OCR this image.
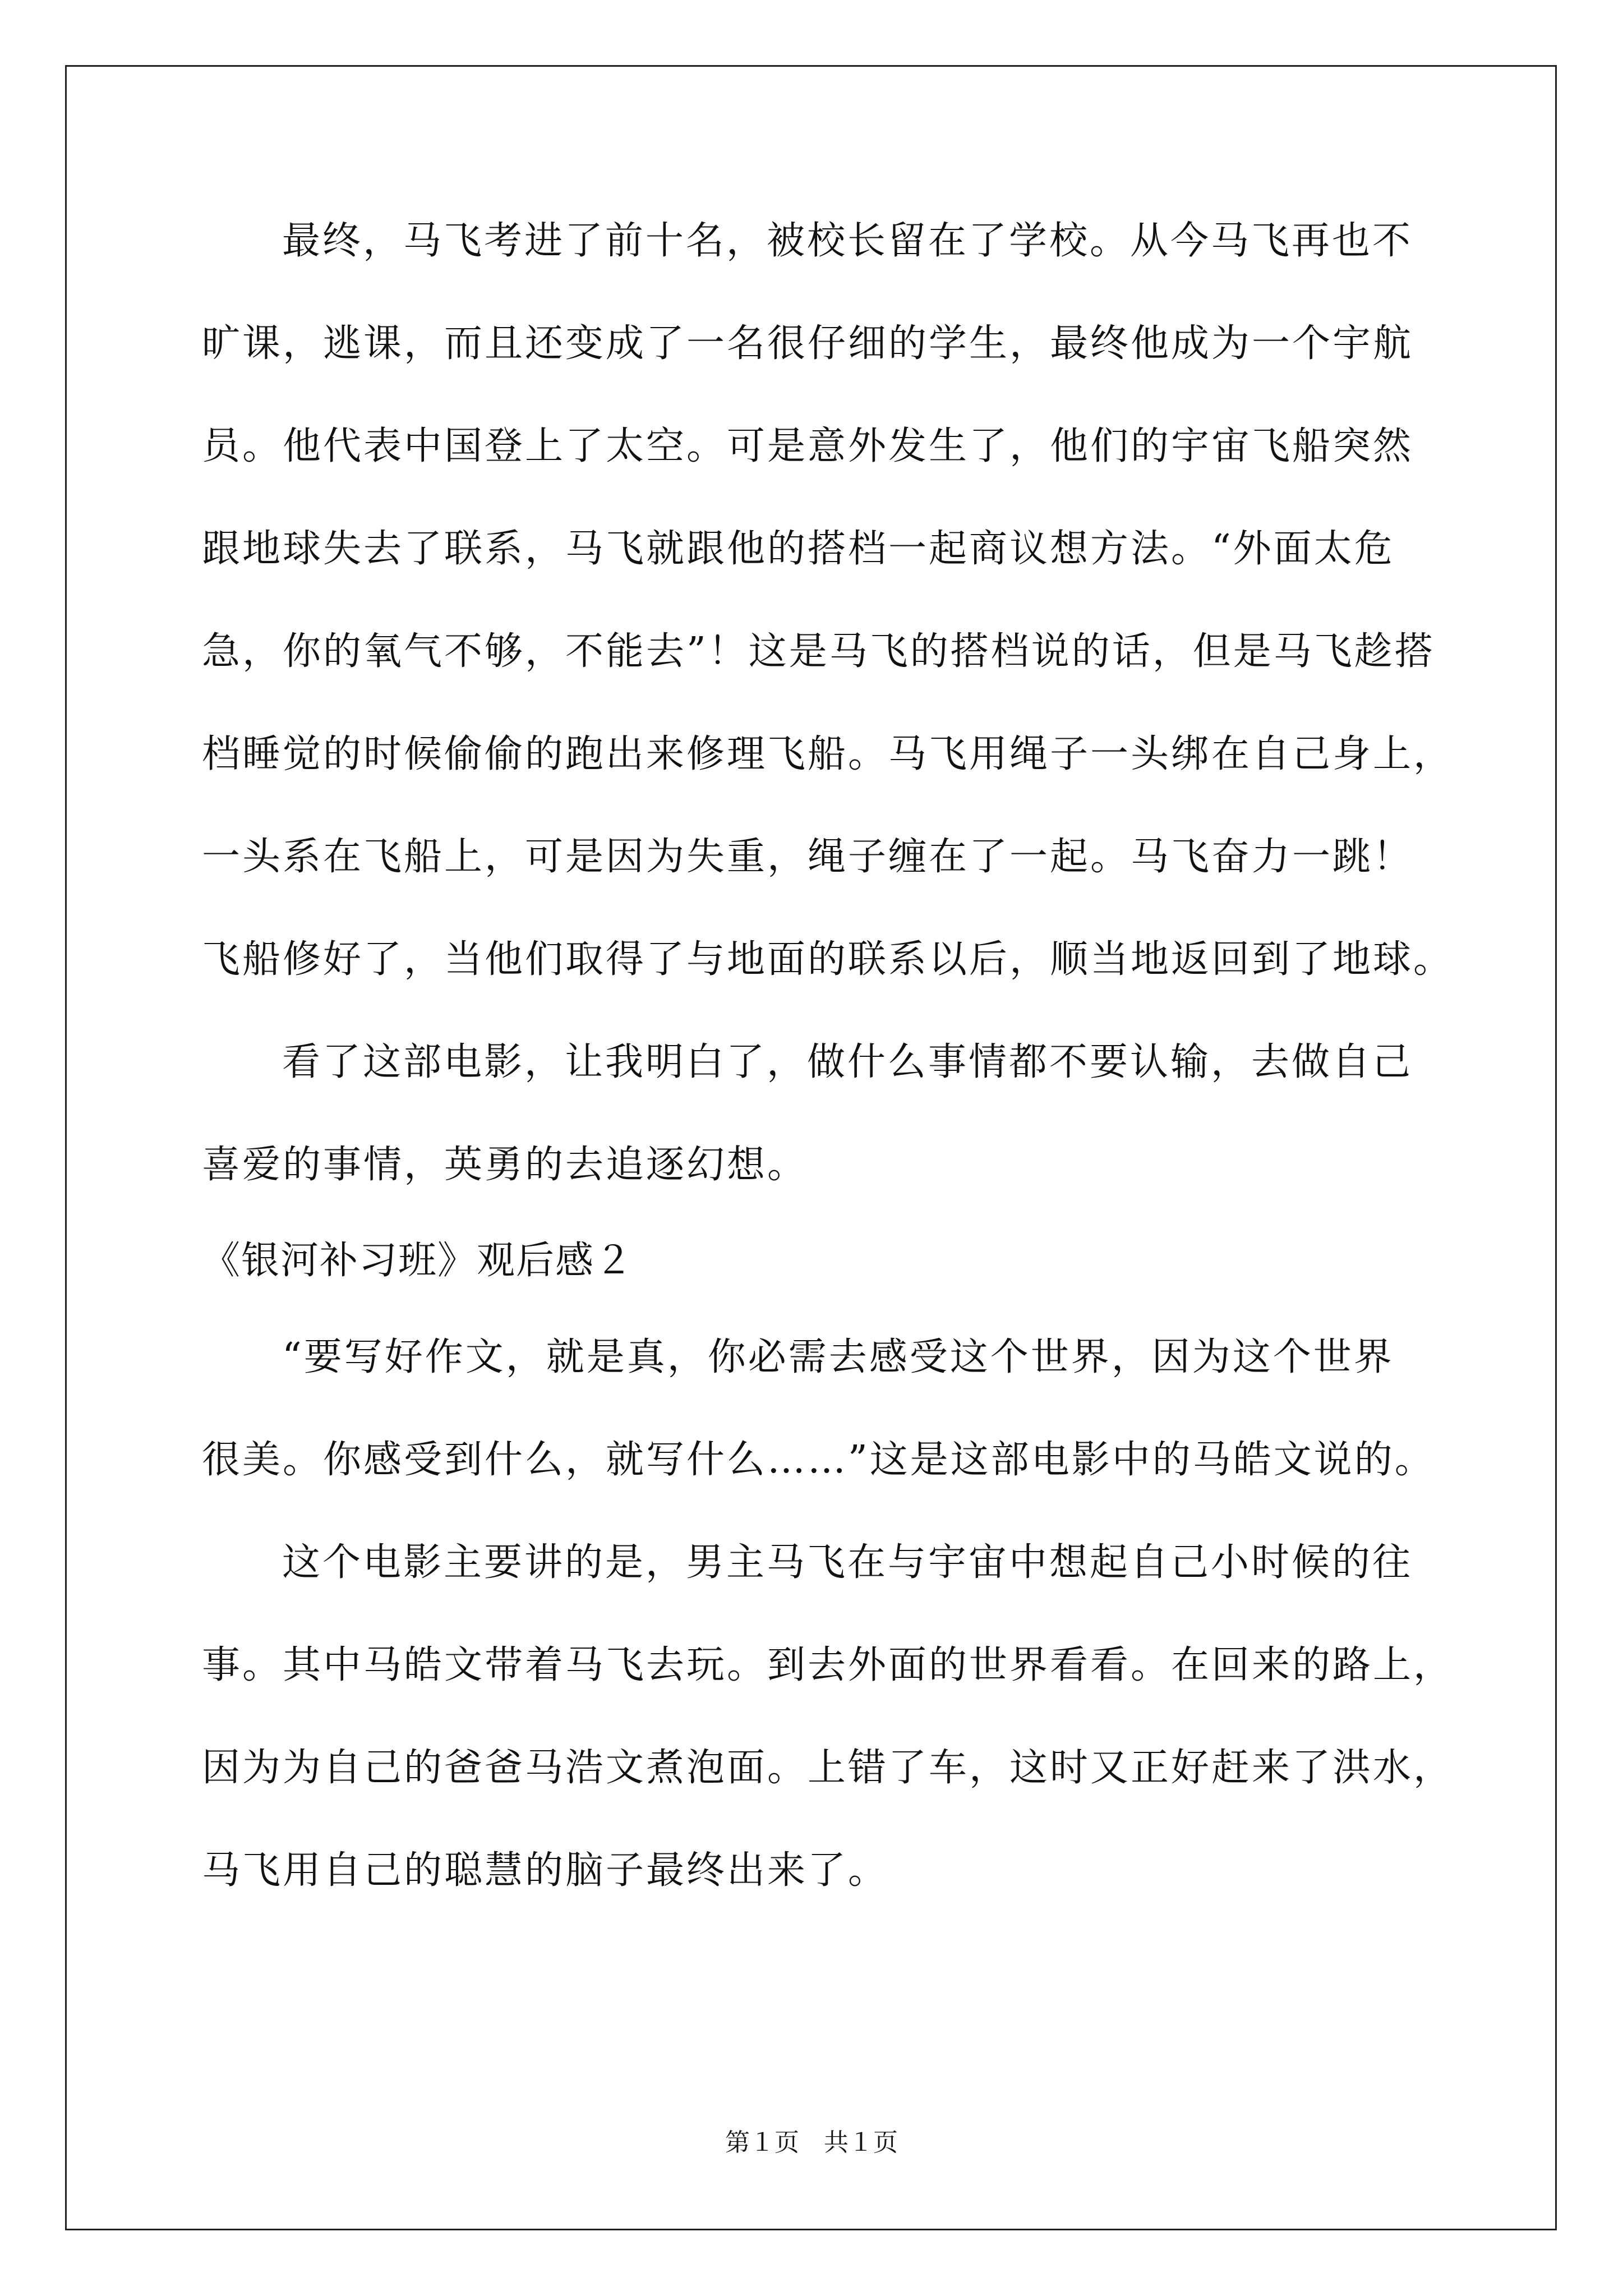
最终，马飞考进了前十名，被校长留在了学校。从今马飞再也不
旷课，逃课，而且还变成了一名很仔细的学生，最终他成为一个宇航
员。他代表中国登上了太空。可是意外发生了，他们的宇宙飞船突然
跟地球失去了联系，马飞就跟他的搭档一起商议想方法。“外面太危
急，你的氧气不够，不能去”！这是马飞的搭档说的话，但是马飞趁搭
档睡觉的时候偷偷的跑出来修理飞船。马飞用绳子一头绑在自己身上，
一头系在飞船上，可是因为失重，绳子缠在了一起。马飞奋力一跳！
飞船修好了，当他们取得了与地面的联系以后，顺当地返回到了地球。
看了这部电影，让我明白了，做什么事情都不要认输，去做自己
喜爱的事情，英勇的去追逐幻想。
《银河补习班》观后感２
“要写好作文，就是真，你必需去感受这个世界，因为这个世界
很美。你感受到什么，就写什么……”这是这部电影中的马皓文说的。
这个电影主要讲的是，男主马飞在与宇宙中想起自己小时候的往
事。其中马皓文带着马飞去玩。到去外面的世界看看。在回来的路上，
因为为自己的爸爸马浩文煮泡面。上错了车，这时又正好赶来了洪水，
马飞用自己的聪慧的脑子最终出来了。
第１页　共１页
